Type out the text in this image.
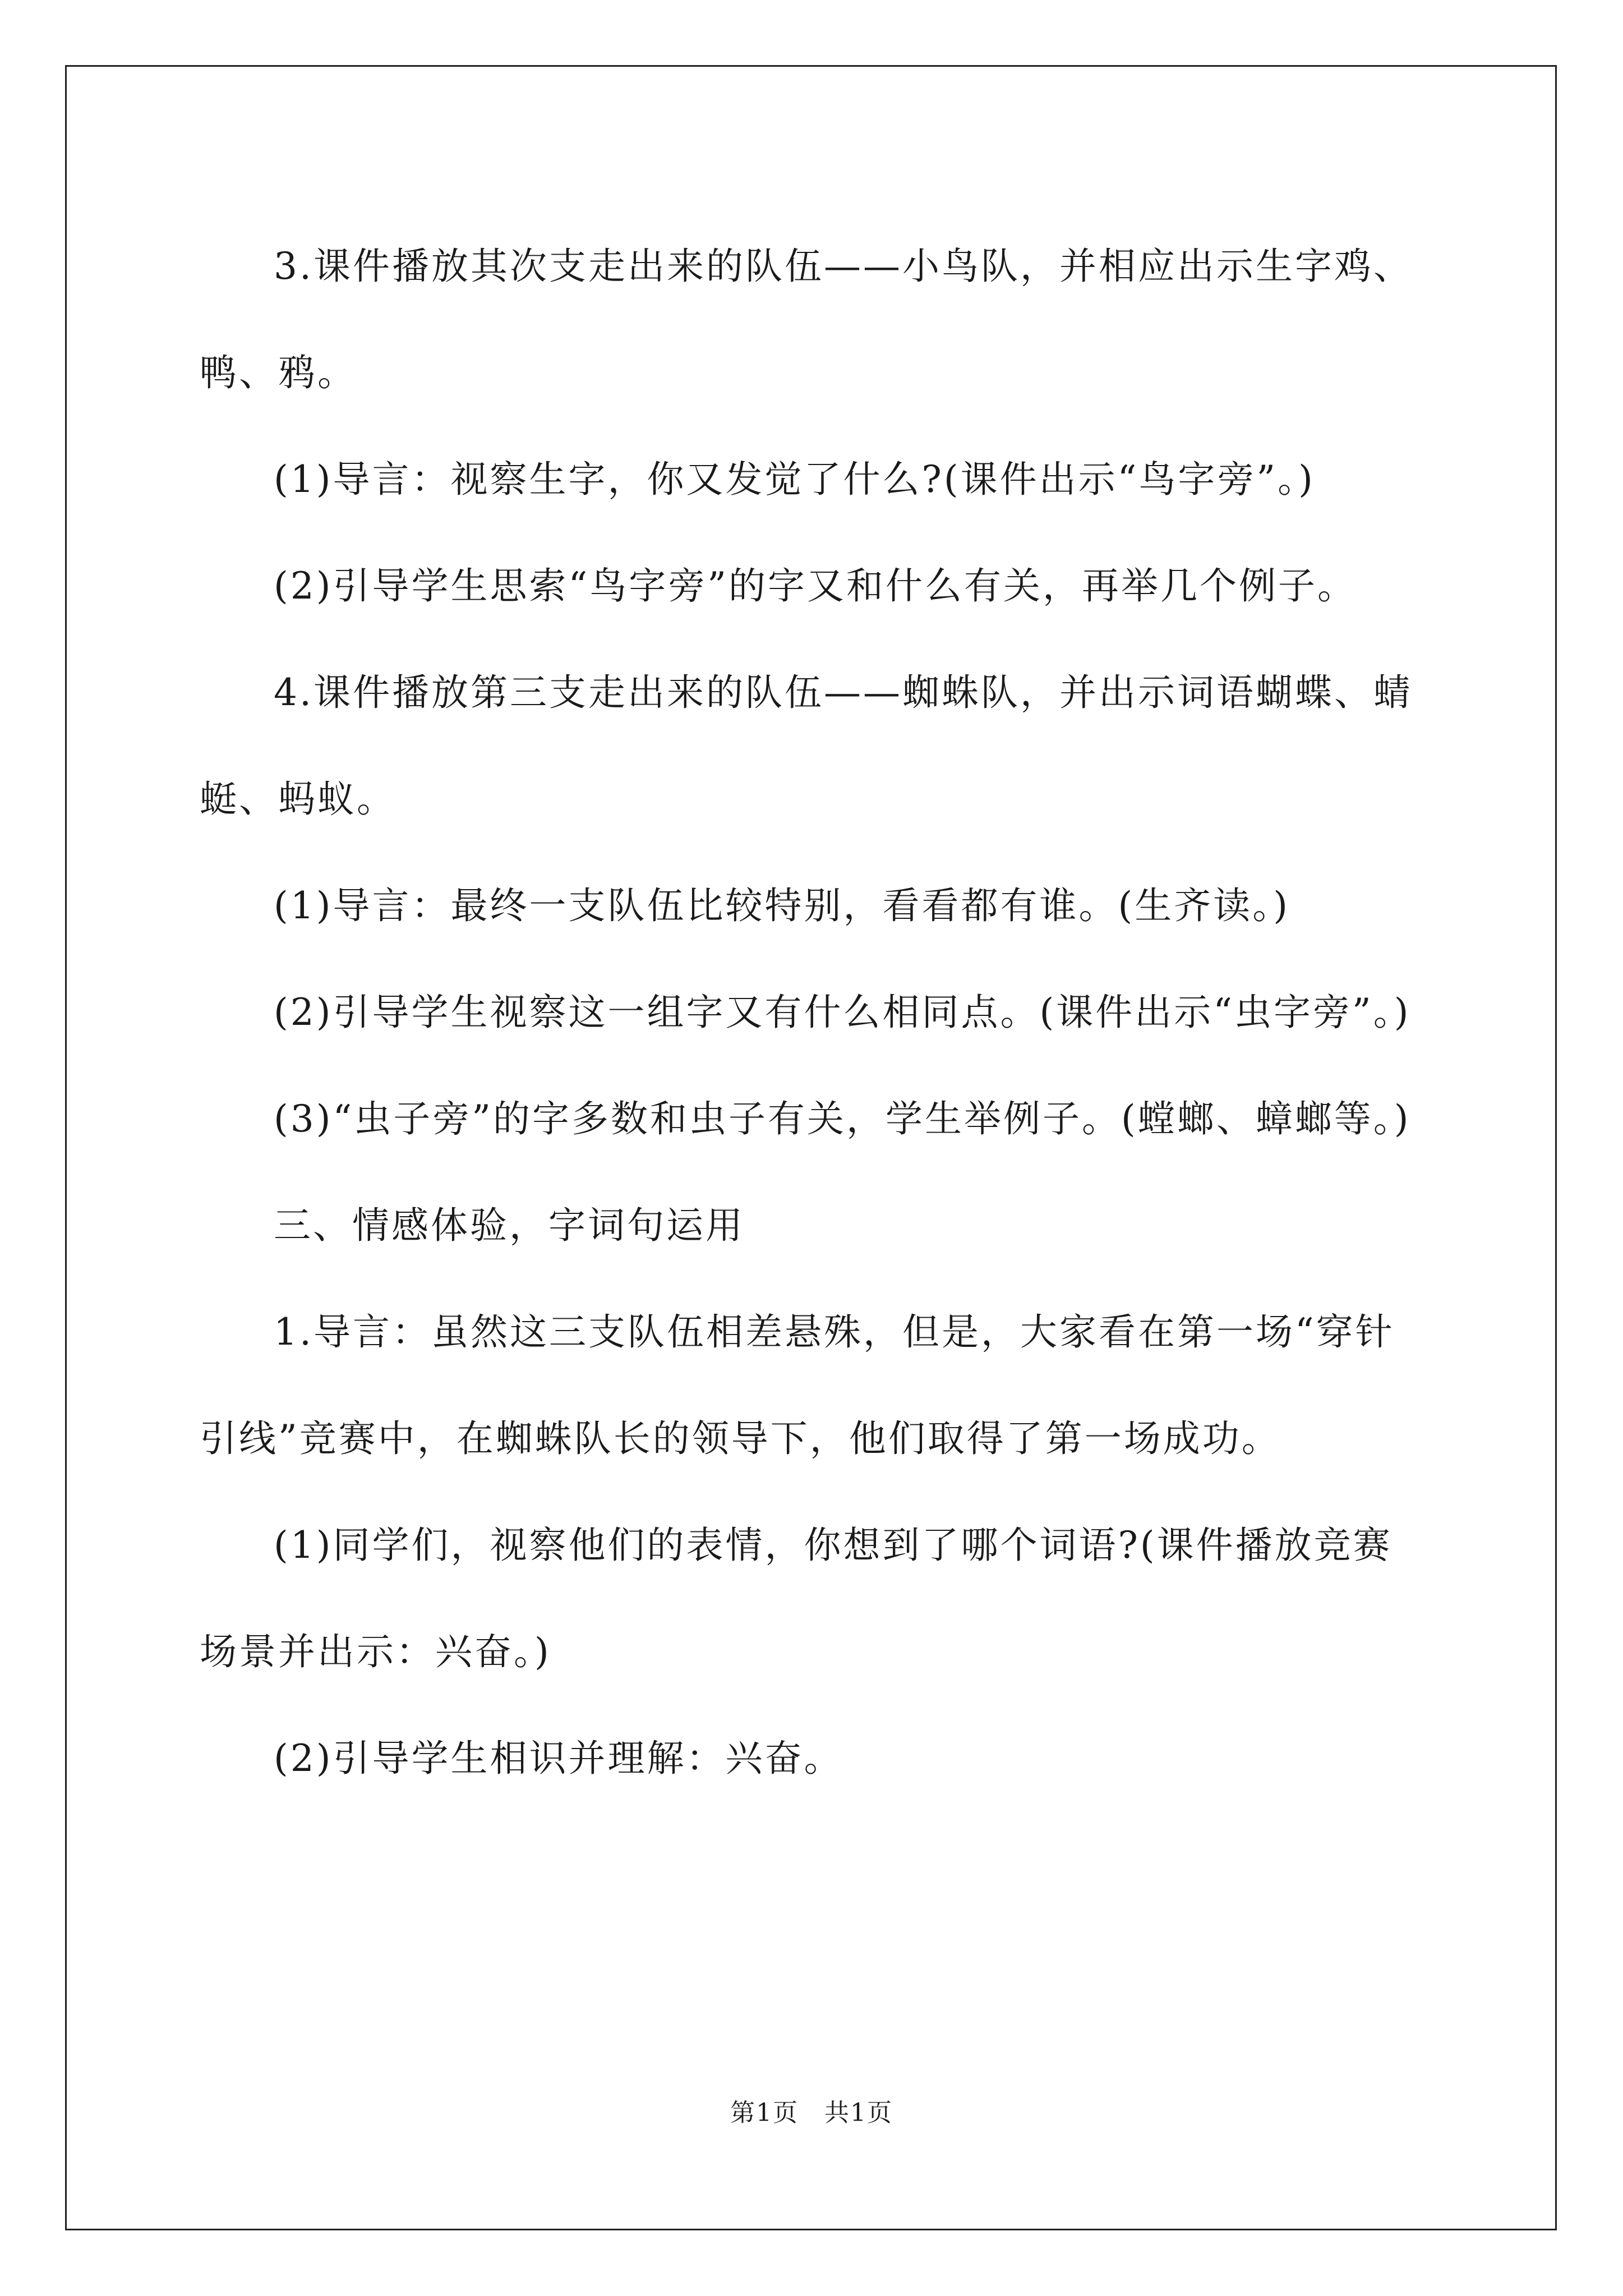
3.课件播放其次支走出来的队伍——小鸟队，并相应出示生字鸡、鸭、鸦。

(1)导言：视察生字，你又发觉了什么?(课件出示“鸟字旁”。)

(2)引导学生思索“鸟字旁”的字又和什么有关，再举几个例子。

4.课件播放第三支走出来的队伍——蜘蛛队，并出示词语蝴蝶、蜻蜓、蚂蚁。

(1)导言：最终一支队伍比较特别，看看都有谁。(生齐读。)

(2)引导学生视察这一组字又有什么相同点。(课件出示“虫字旁”。)

(3)“虫子旁”的字多数和虫子有关，学生举例子。(螳螂、蟑螂等。)

三、情感体验，字词句运用

1.导言：虽然这三支队伍相差悬殊，但是，大家看在第一场“穿针引线”竞赛中，在蜘蛛队长的领导下，他们取得了第一场成功。

(1)同学们，视察他们的表情，你想到了哪个词语?(课件播放竞赛场景并出示：兴奋。)

(2)引导学生相识并理解：兴奋。

第1页　共1页
